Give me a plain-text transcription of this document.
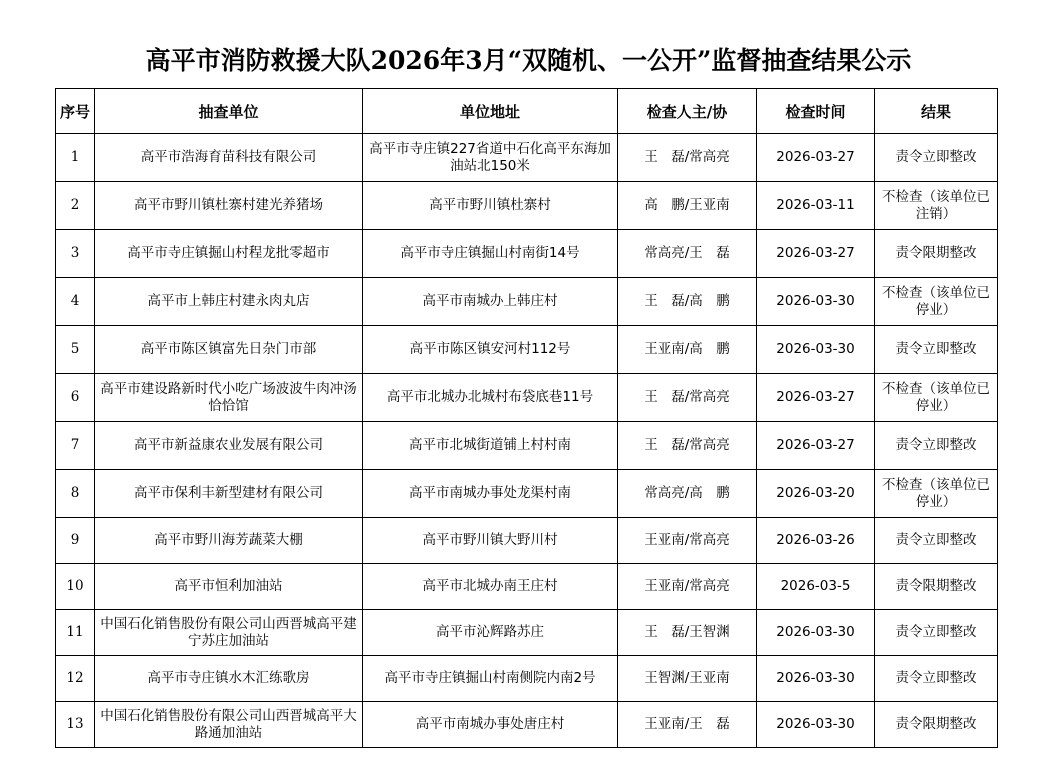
高平市消防救援大队2026年3月“双随机、一公开”监督抽查结果公示
序号	抽查单位	单位地址	检查人主/协	检查时间	结果
1	高平市浩海育苗科技有限公司	高平市寺庄镇227省道中石化高平东海加油站北150米	王　磊/常高亮	2026-03-27	责令立即整改
2	高平市野川镇杜寨村建光养猪场	高平市野川镇杜寨村	高　鹏/王亚南	2026-03-11	不检查（该单位已注销）
3	高平市寺庄镇掘山村程龙批零超市	高平市寺庄镇掘山村南街14号	常高亮/王　磊	2026-03-27	责令限期整改
4	高平市上韩庄村建永肉丸店	高平市南城办上韩庄村	王　磊/高　鹏	2026-03-30	不检查（该单位已停业）
5	高平市陈区镇富先日杂门市部	高平市陈区镇安河村112号	王亚南/高　鹏	2026-03-30	责令立即整改
6	高平市建设路新时代小吃广场波波牛肉冲汤恰恰馆	高平市北城办北城村布袋底巷11号	王　磊/常高亮	2026-03-27	不检查（该单位已停业）
7	高平市新益康农业发展有限公司	高平市北城街道铺上村村南	王　磊/常高亮	2026-03-27	责令立即整改
8	高平市保利丰新型建材有限公司	高平市南城办事处龙渠村南	常高亮/高　鹏	2026-03-20	不检查（该单位已停业）
9	高平市野川海芳蔬菜大棚	高平市野川镇大野川村	王亚南/常高亮	2026-03-26	责令立即整改
10	高平市恒利加油站	高平市北城办南王庄村	王亚南/常高亮	2026-03-5	责令限期整改
11	中国石化销售股份有限公司山西晋城高平建宁苏庄加油站	高平市沁辉路苏庄	王　磊/王智渊	2026-03-30	责令立即整改
12	高平市寺庄镇水木汇练歌房	高平市寺庄镇掘山村南侧院内南2号	王智渊/王亚南	2026-03-30	责令立即整改
13	中国石化销售股份有限公司山西晋城高平大路通加油站	高平市南城办事处唐庄村	王亚南/王　磊	2026-03-30	责令限期整改
